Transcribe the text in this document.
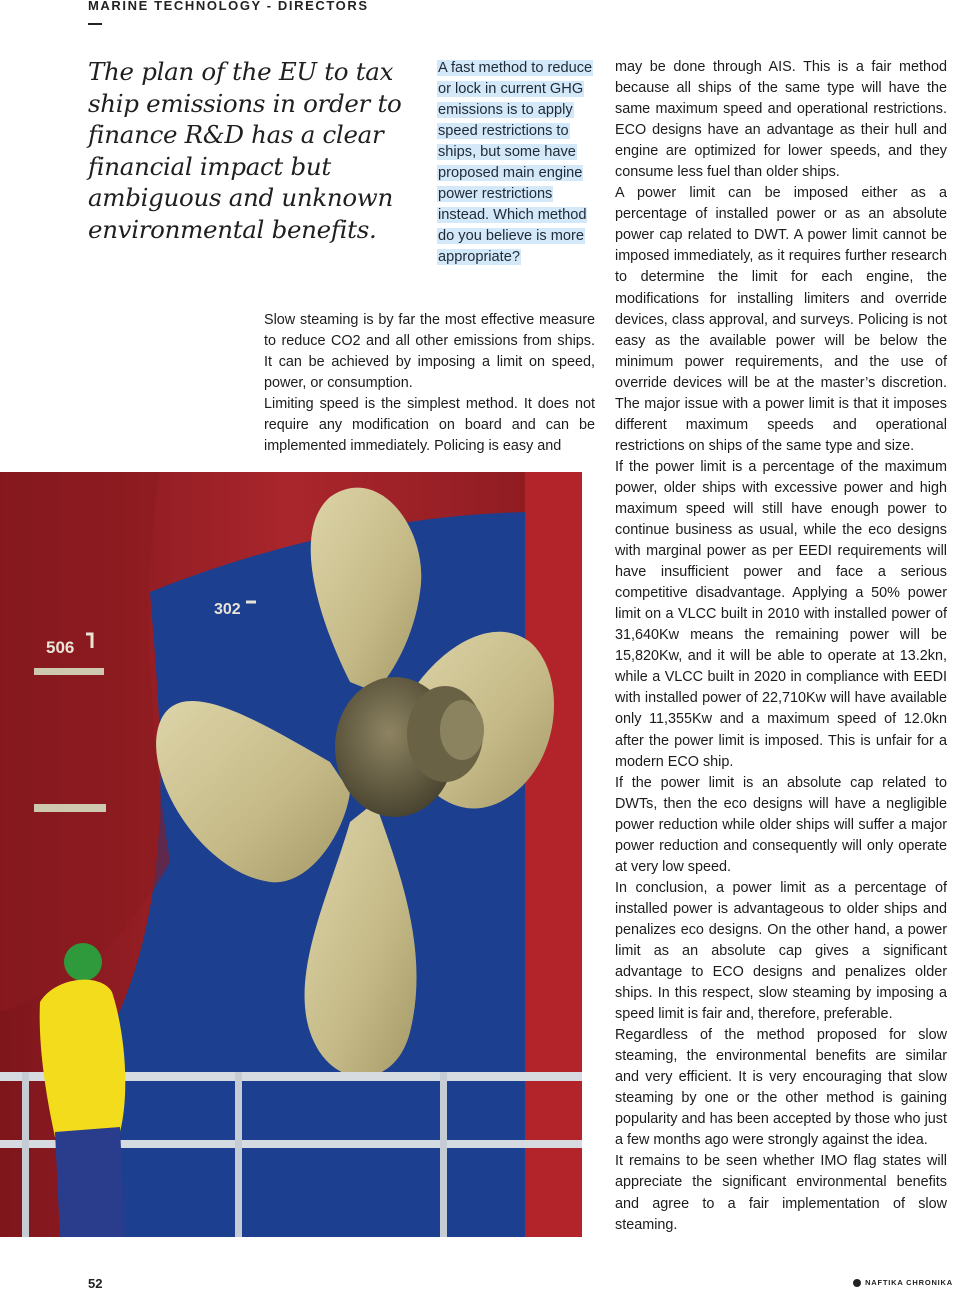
MARINE TECHNOLOGY - DIRECTORS
The plan of the EU to tax ship emissions in order to finance R&D has a clear financial impact but ambiguous and unknown environmental benefits.
A fast method to reduce or lock in current GHG emissions is to apply speed restrictions to ships, but some have proposed main engine power restrictions instead. Which method do you believe is more appropriate?

Slow steaming is by far the most effective measure to reduce CO2 and all other emissions from ships. It can be achieved by imposing a limit on speed, power, or consumption.

Limiting speed is the simplest method. It does not require any modification on board and can be implemented immediately. Policing is easy and

may be done through AIS. This is a fair method because all ships of the same type will have the same maximum speed and operational restrictions. ECO designs have an advantage as their hull and engine are optimized for lower speeds, and they consume less fuel than older ships.

A power limit can be imposed either as a percentage of installed power or as an absolute power cap related to DWT. A power limit cannot be imposed immediately, as it requires further research to determine the limit for each engine, the modifications for installing limiters and override devices, class approval, and surveys. Policing is not easy as the available power will be below the minimum power requirements, and the use of override devices will be at the master’s discretion. The major issue with a power limit is that it imposes different maximum speeds and operational restrictions on ships of the same type and size.

If the power limit is a percentage of the maximum power, older ships with excessive power and high maximum speed will still have enough power to continue business as usual, while the eco designs with marginal power as per EEDI requirements will have insufficient power and face a serious competitive disadvantage. Applying a 50% power limit on a VLCC built in 2010 with installed power of 31,640Kw means the remaining power will be 15,820Kw, and it will be able to operate at 13.2kn, while a VLCC built in 2020 in compliance with EEDI with installed power of 22,710Kw will have available only 11,355Kw and a maximum speed of 12.0kn after the power limit is imposed. This is unfair for a modern ECO ship.

If the power limit is an absolute cap related to DWTs, then the eco designs will have a negligible power reduction while older ships will suffer a major power reduction and consequently will only operate at very low speed.

In conclusion, a power limit as a percentage of installed power is advantageous to older ships and penalizes eco designs. On the other hand, a power limit as an absolute cap gives a significant advantage to ECO designs and penalizes older ships. In this respect, slow steaming by imposing a speed limit is fair and, therefore, preferable.

Regardless of the method proposed for slow steaming, the environmental benefits are similar and very efficient. It is very encouraging that slow steaming by one or the other method is gaining popularity and has been accepted by those who just a few months ago were strongly against the idea.

It remains to be seen whether IMO flag states will appreciate the significant environmental benefits and agree to a fair implementation of slow steaming.

506
302
52	NAFTIKA CHRONIKA
